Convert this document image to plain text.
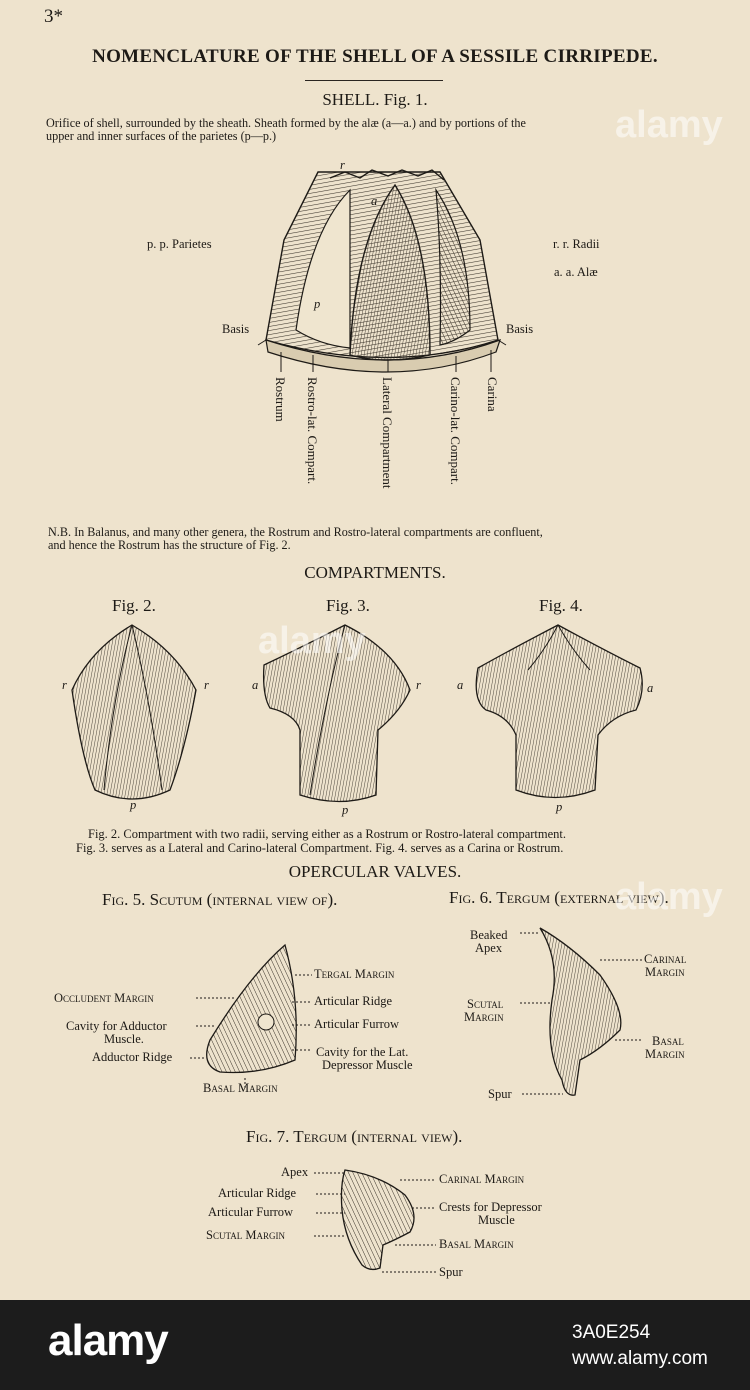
3*
NOMENCLATURE OF THE SHELL OF A SESSILE CIRRIPEDE.
SHELL. Fig. 1.
Orifice of shell, surrounded by the sheath. Sheath formed by the alæ (a—a.) and by portions of the
upper and inner surfaces of the parietes (p—p.)
p. p. Parietes	r. r. Radii
a. a. Alæ
Basis	Basis
r
a
p
Rostrum Rostro-lat. Compart.	Lateral Compartment	Carino-lat. Compart. Carina
N.B. In Balanus, and many other genera, the Rostrum and Rostro-lateral compartments are confluent,
and hence the Rostrum has the structure of Fig. 2.
COMPARTMENTS.
Fig. 2.	Fig. 3.	Fig. 4.
r	r
p
a	r
p
a	a
p
Fig. 2. Compartment with two radii, serving either as a Rostrum or Rostro-lateral compartment.
Fig. 3. serves as a Lateral and Carino-lateral Compartment. Fig. 4. serves as a Carina or Rostrum.
OPERCULAR VALVES.
Fig. 5. Scutum (internal view of).	Fig. 6. Tergum (external view).
Tergal Margin
Articular Ridge
Articular Furrow
Cavity for the Lat.
Depressor Muscle
Occludent Margin
Cavity for Adductor
Muscle.
Adductor Ridge
Basal Margin
Beaked
Apex
Carinal
Margin
Scutal
Margin
Basal
Margin
Spur
Fig. 7. Tergum (internal view).
Apex
Articular Ridge
Articular Furrow
Scutal Margin
Carinal Margin
Crests for Depressor
Muscle
Basal Margin
Spur
alamy
alamy
alamy
alamy	3A0E254
www.alamy.com
